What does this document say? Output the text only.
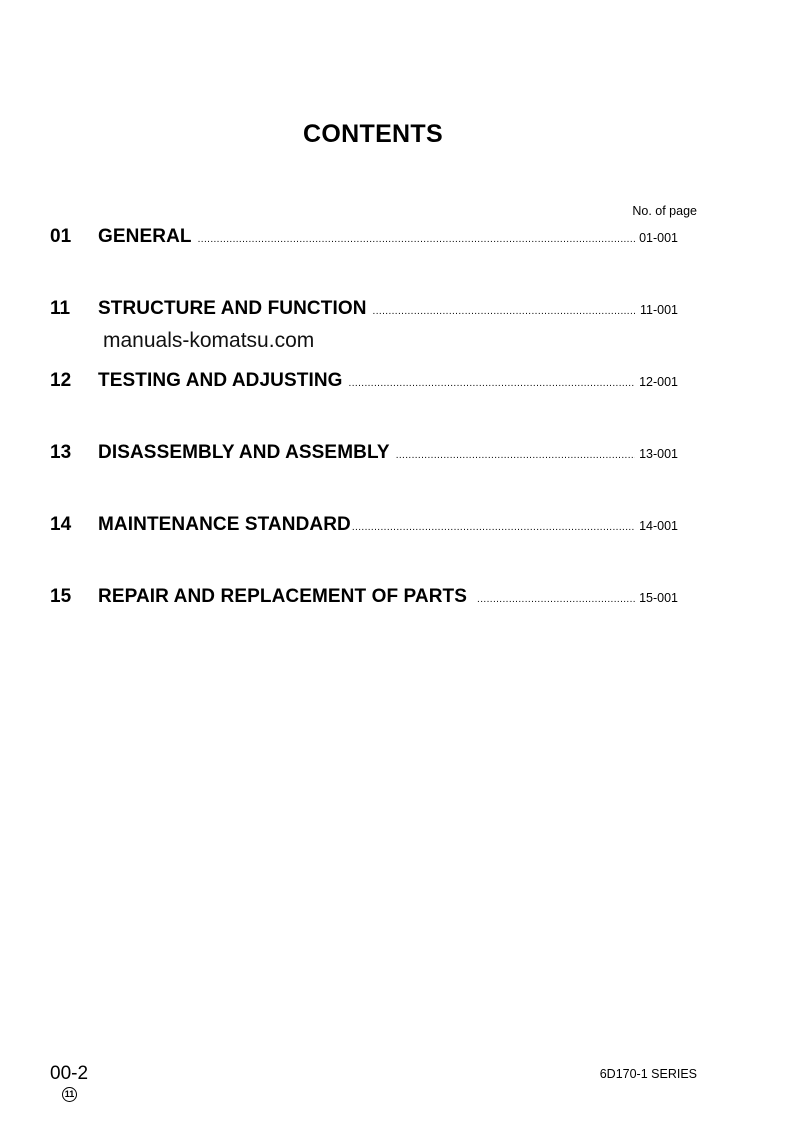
CONTENTS
No. of page
01	GENERAL .....	01-001
11	STRUCTURE AND FUNCTION .....	11-001
manuals-komatsu.com
12	TESTING AND ADJUSTING .....	12-001
13	DISASSEMBLY AND ASSEMBLY .....	13-001
14	MAINTENANCE STANDARD .....	14-001
15	REPAIR AND REPLACEMENT OF PARTS .....	15-001
00-2
11
6D170-1 SERIES
